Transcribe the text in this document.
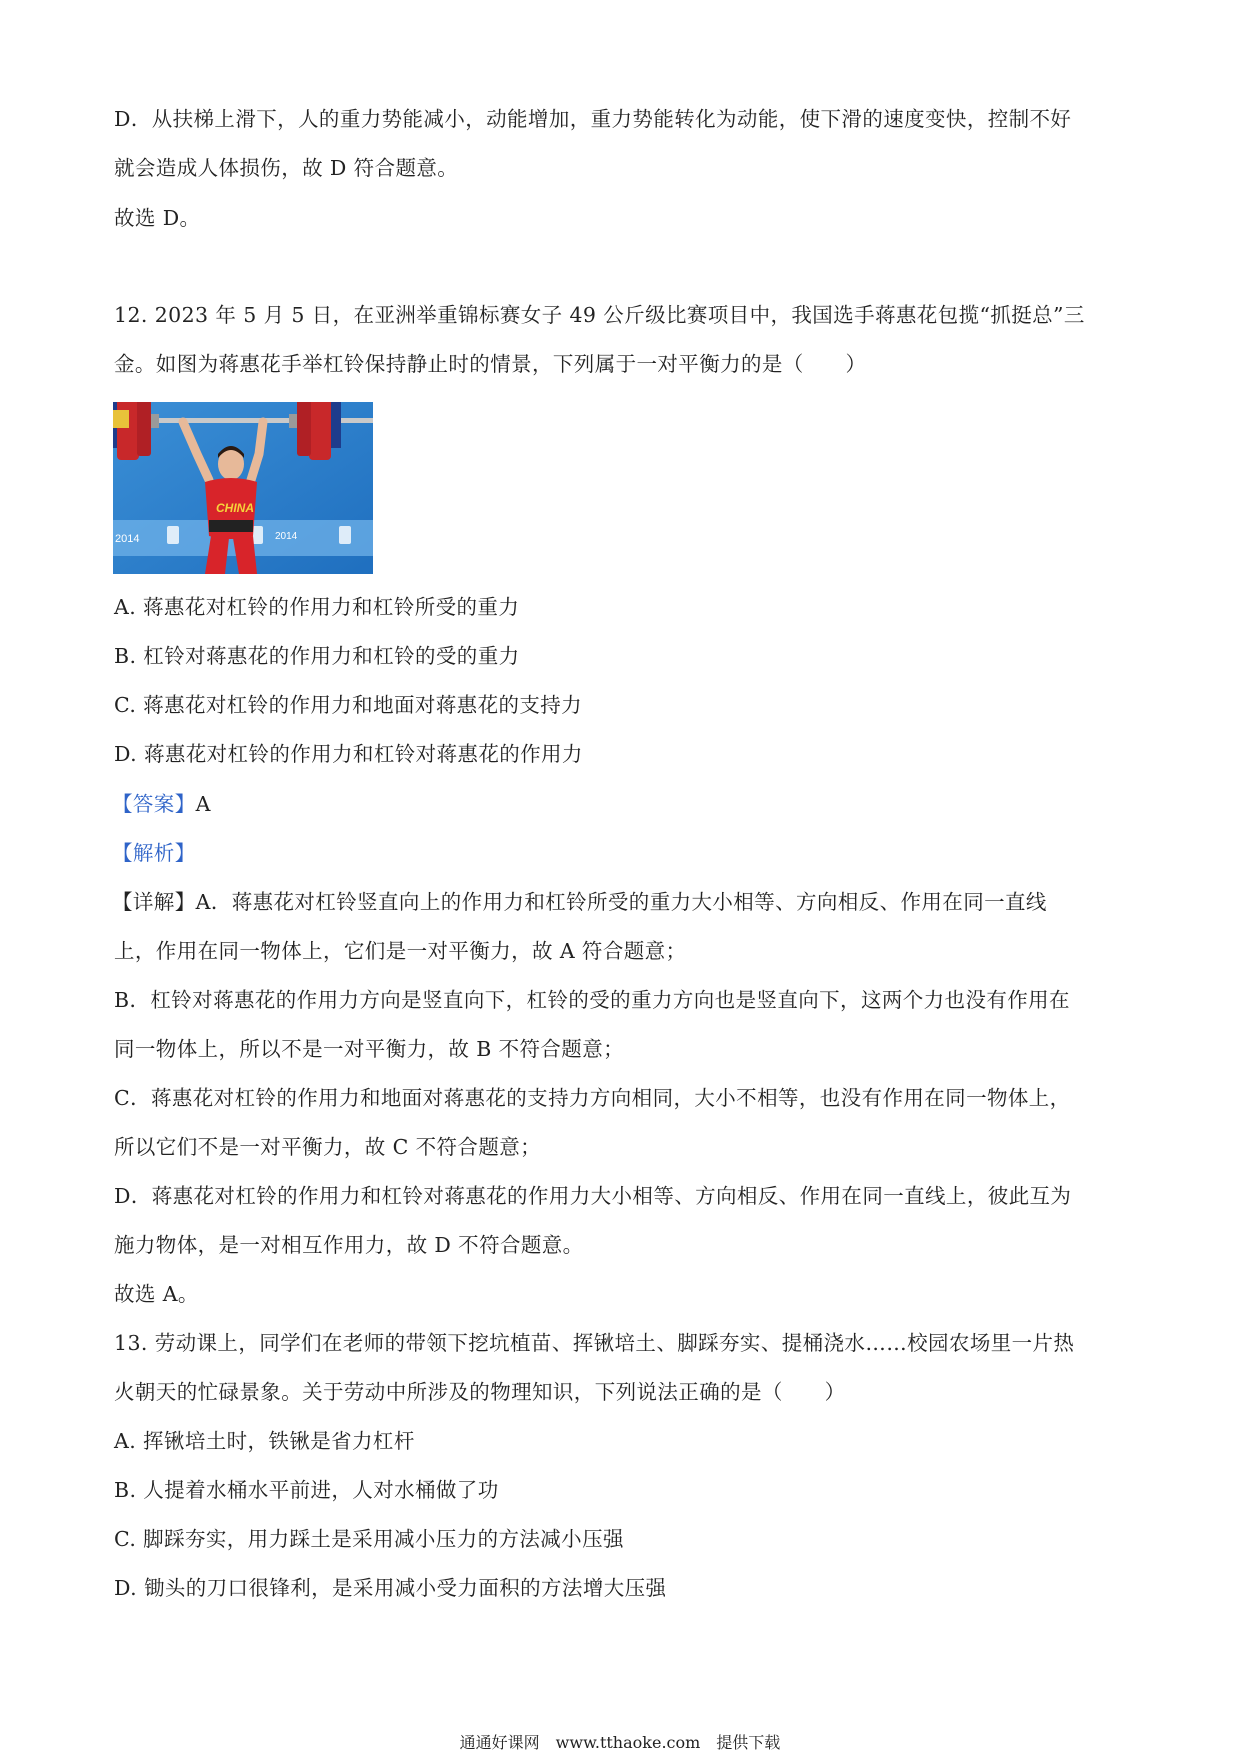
D．从扶梯上滑下，人的重力势能减小，动能增加，重力势能转化为动能，使下滑的速度变快，控制不好
就会造成人体损伤，故 D 符合题意。
故选 D。
12. 2023 年 5 月 5 日，在亚洲举重锦标赛女子 49 公斤级比赛项目中，我国选手蒋惠花包揽“抓挺总”三
金。如图为蒋惠花手举杠铃保持静止时的情景，下列属于一对平衡力的是（　　）
2014	2014
CHINA
A. 蒋惠花对杠铃的作用力和杠铃所受的重力
B. 杠铃对蒋惠花的作用力和杠铃的受的重力
C. 蒋惠花对杠铃的作用力和地面对蒋惠花的支持力
D. 蒋惠花对杠铃的作用力和杠铃对蒋惠花的作用力
【答案】A
【解析】
【详解】A．蒋惠花对杠铃竖直向上的作用力和杠铃所受的重力大小相等、方向相反、作用在同一直线
上，作用在同一物体上，它们是一对平衡力，故 A 符合题意；
B．杠铃对蒋惠花的作用力方向是竖直向下，杠铃的受的重力方向也是竖直向下，这两个力也没有作用在
同一物体上，所以不是一对平衡力，故 B 不符合题意；
C．蒋惠花对杠铃的作用力和地面对蒋惠花的支持力方向相同，大小不相等，也没有作用在同一物体上，
所以它们不是一对平衡力，故 C 不符合题意；
D．蒋惠花对杠铃的作用力和杠铃对蒋惠花的作用力大小相等、方向相反、作用在同一直线上，彼此互为
施力物体，是一对相互作用力，故 D 不符合题意。
故选 A。
13. 劳动课上，同学们在老师的带领下挖坑植苗、挥锹培土、脚踩夯实、提桶浇水……校园农场里一片热
火朝天的忙碌景象。关于劳动中所涉及的物理知识，下列说法正确的是（　　）
A. 挥锹培土时，铁锹是省力杠杆
B. 人提着水桶水平前进，人对水桶做了功
C. 脚踩夯实，用力踩土是采用减小压力的方法减小压强
D. 锄头的刀口很锋利，是采用减小受力面积的方法增大压强
通通好课网　www.tthaoke.com　提供下载
